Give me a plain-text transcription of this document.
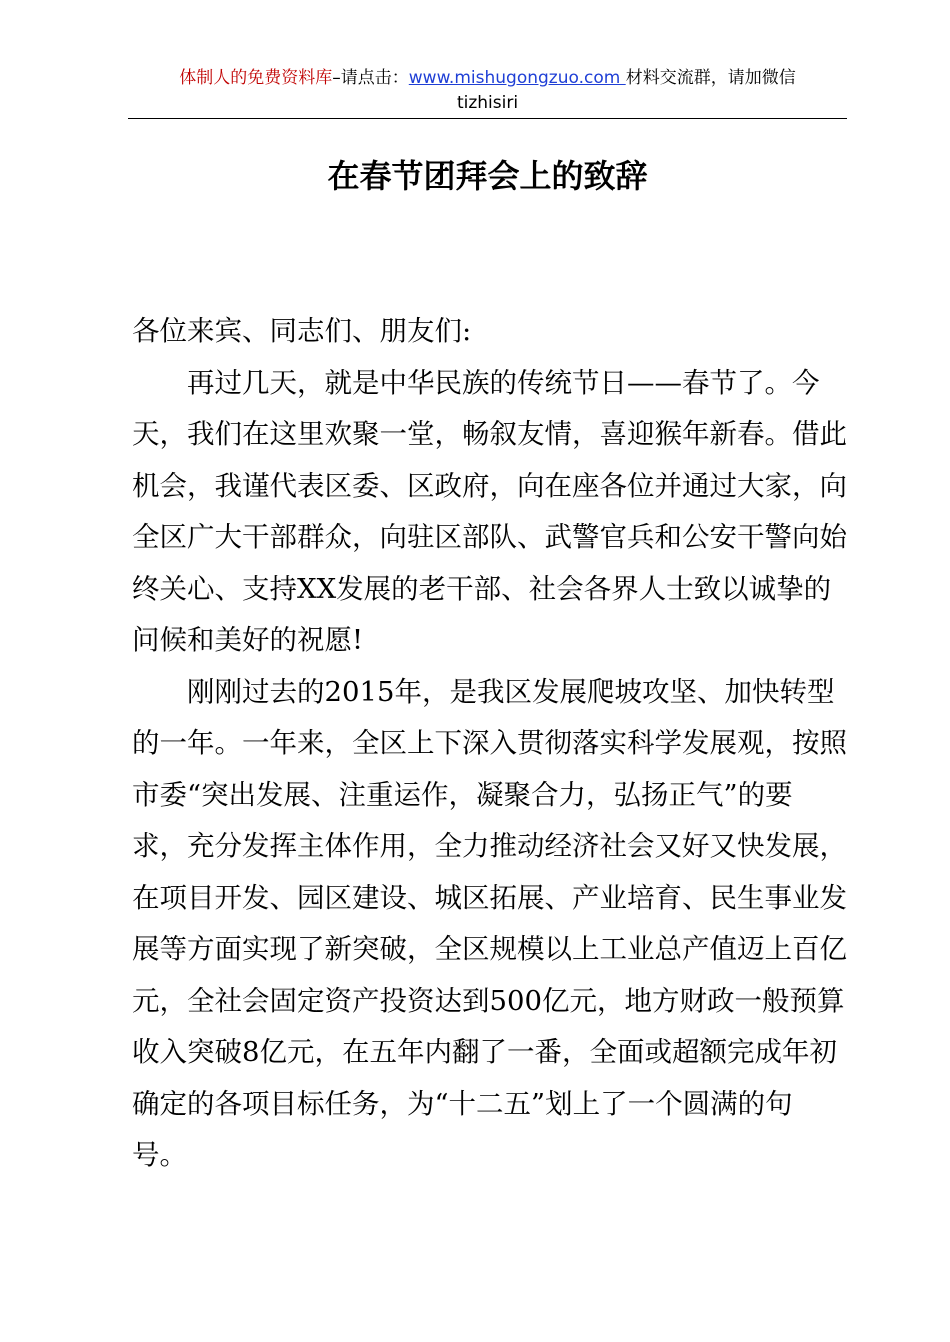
体制人的免费资料库–请点击：www.mishugongzuo.com 材料交流群，请加微信
tizhisiri
在春节团拜会上的致辞

各位来宾、同志们、朋友们:

再过几天，就是中华民族的传统节日——春节了。今天，我们在这里欢聚一堂，畅叙友情，喜迎猴年新春。借此机会，我谨代表区委、区政府，向在座各位并通过大家，向全区广大干部群众，向驻区部队、武警官兵和公安干警向始终关心、支持XX发展的老干部、社会各界人士致以诚挚的问候和美好的祝愿!

刚刚过去的2015年，是我区发展爬坡攻坚、加快转型的一年。一年来，全区上下深入贯彻落实科学发展观，按照市委“突出发展、注重运作，凝聚合力，弘扬正气”的要求，充分发挥主体作用，全力推动经济社会又好又快发展，在项目开发、园区建设、城区拓展、产业培育、民生事业发展等方面实现了新突破，全区规模以上工业总产值迈上百亿元，全社会固定资产投资达到500亿元，地方财政一般预算收入突破8亿元，在五年内翻了一番，全面或超额完成年初确定的各项目标任务，为“十二五”划上了一个圆满的句号。
